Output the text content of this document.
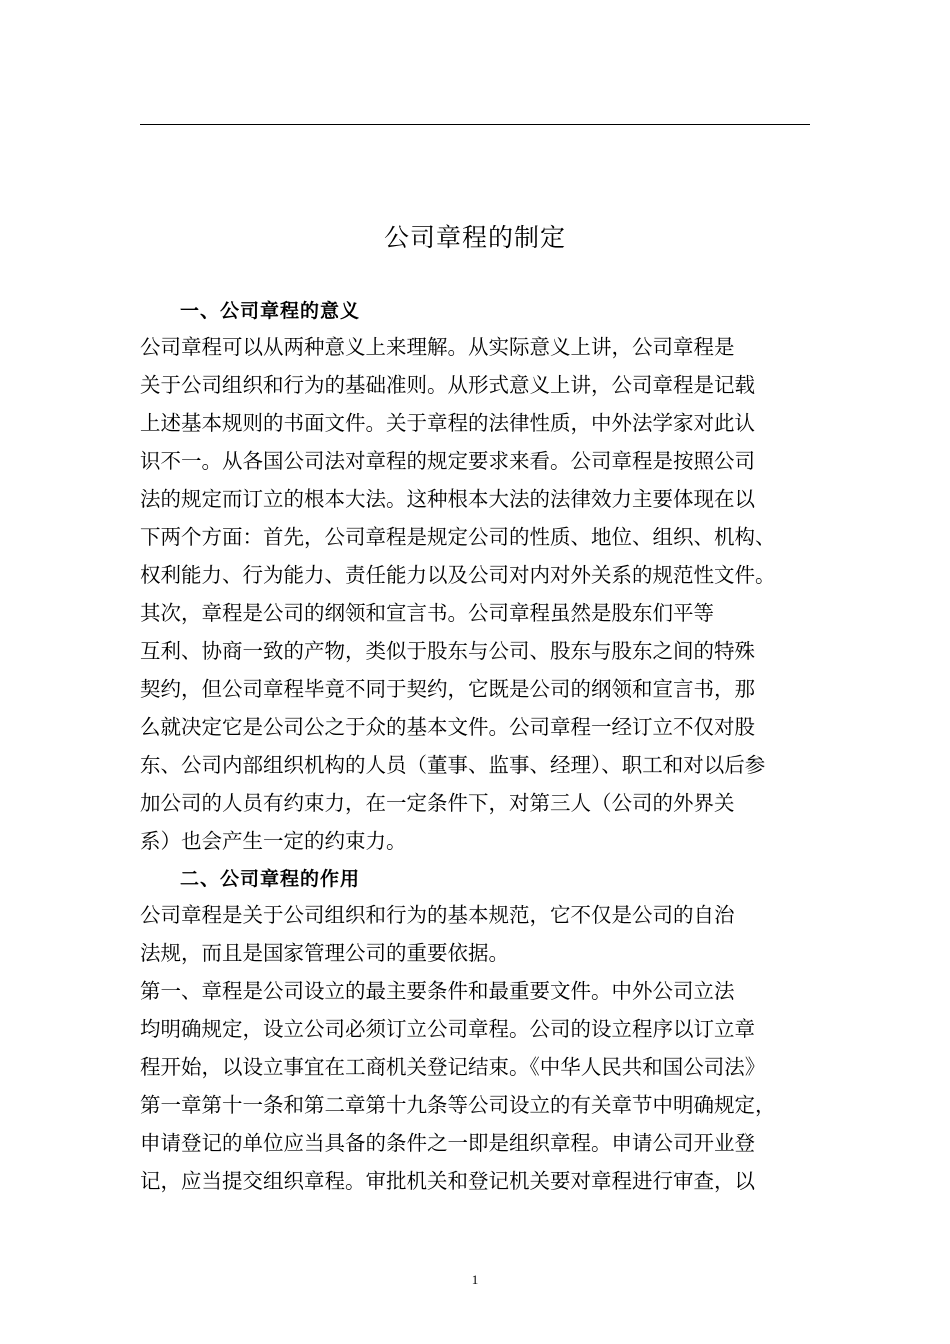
公司章程的制定
一、公司章程的意义
公司章程可以从两种意义上来理解。从实际意义上讲，公司章程是
关于公司组织和行为的基础准则。从形式意义上讲，公司章程是记载
上述基本规则的书面文件。关于章程的法律性质，中外法学家对此认
识不一。从各国公司法对章程的规定要求来看。公司章程是按照公司
法的规定而订立的根本大法。这种根本大法的法律效力主要体现在以
下两个方面：首先，公司章程是规定公司的性质、地位、组织、机构、
权利能力、行为能力、责任能力以及公司对内对外关系的规范性文件。
其次，章程是公司的纲领和宣言书。公司章程虽然是股东们平等
互利、协商一致的产物，类似于股东与公司、股东与股东之间的特殊
契约，但公司章程毕竟不同于契约，它既是公司的纲领和宣言书，那
么就决定它是公司公之于众的基本文件。公司章程一经订立不仅对股
东、公司内部组织机构的人员（董事、监事、经理）、职工和对以后参
加公司的人员有约束力，在一定条件下，对第三人（公司的外界关
系）也会产生一定的约束力。
二、公司章程的作用
公司章程是关于公司组织和行为的基本规范，它不仅是公司的自治
法规，而且是国家管理公司的重要依据。
第一、章程是公司设立的最主要条件和最重要文件。中外公司立法
均明确规定，设立公司必须订立公司章程。公司的设立程序以订立章
程开始，以设立事宜在工商机关登记结束。《中华人民共和国公司法》
第一章第十一条和第二章第十九条等公司设立的有关章节中明确规定，
申请登记的单位应当具备的条件之一即是组织章程。申请公司开业登
记，应当提交组织章程。审批机关和登记机关要对章程进行审查，以
1
